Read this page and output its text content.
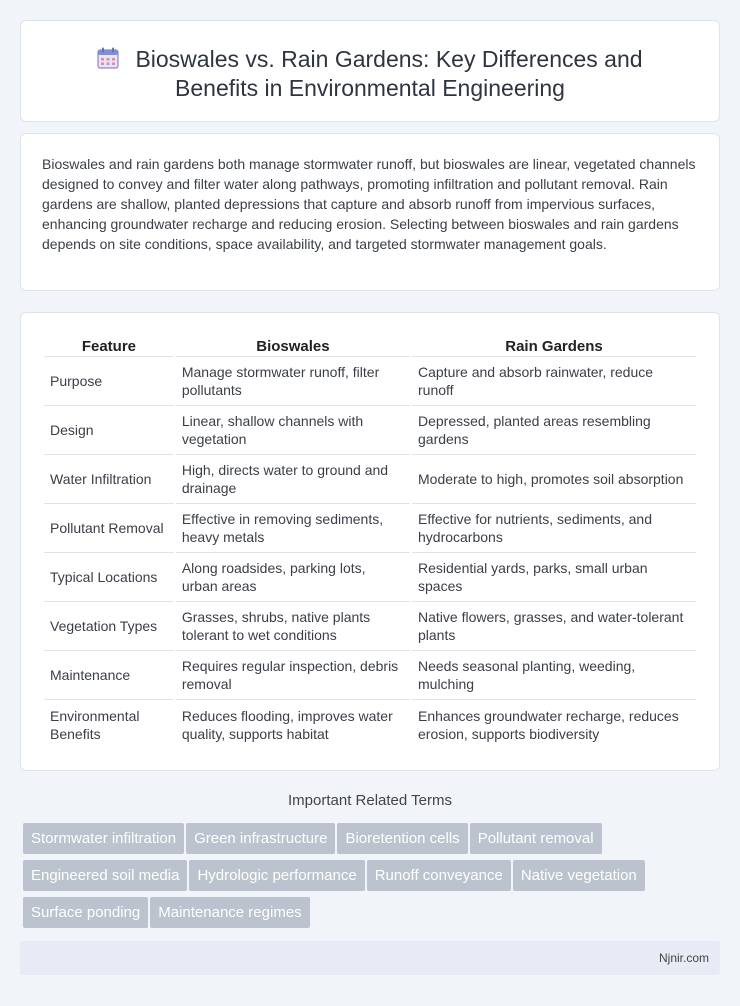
Bioswales vs. Rain Gardens: Key Differences and
Benefits in Environmental Engineering

Bioswales and rain gardens both manage stormwater runoff, but bioswales are linear, vegetated channels designed to convey and filter water along pathways, promoting infiltration and pollutant removal. Rain gardens are shallow, planted depressions that capture and absorb runoff from impervious surfaces, enhancing groundwater recharge and reducing erosion. Selecting between bioswales and rain gardens depends on site conditions, space availability, and targeted stormwater management goals.

Feature	Bioswales	Rain Gardens
Purpose	Manage stormwater runoff, filter pollutants	Capture and absorb rainwater, reduce runoff
Design	Linear, shallow channels with vegetation	Depressed, planted areas resembling gardens
Water Infiltration	High, directs water to ground and drainage	Moderate to high, promotes soil absorption
Pollutant Removal	Effective in removing sediments, heavy metals	Effective for nutrients, sediments, and hydrocarbons
Typical Locations	Along roadsides, parking lots, urban areas	Residential yards, parks, small urban spaces
Vegetation Types	Grasses, shrubs, native plants tolerant to wet conditions	Native flowers, grasses, and water-tolerant plants
Maintenance	Requires regular inspection, debris removal	Needs seasonal planting, weeding, mulching
Environmental Benefits	Reduces flooding, improves water quality, supports habitat	Enhances groundwater recharge, reduces erosion, supports biodiversity
Important Related Terms
Stormwater infiltration Green infrastructure Bioretention cells Pollutant removal
Engineered soil media Hydrologic performance Runoff conveyance Native vegetation
Surface ponding Maintenance regimes
Njnir.com
